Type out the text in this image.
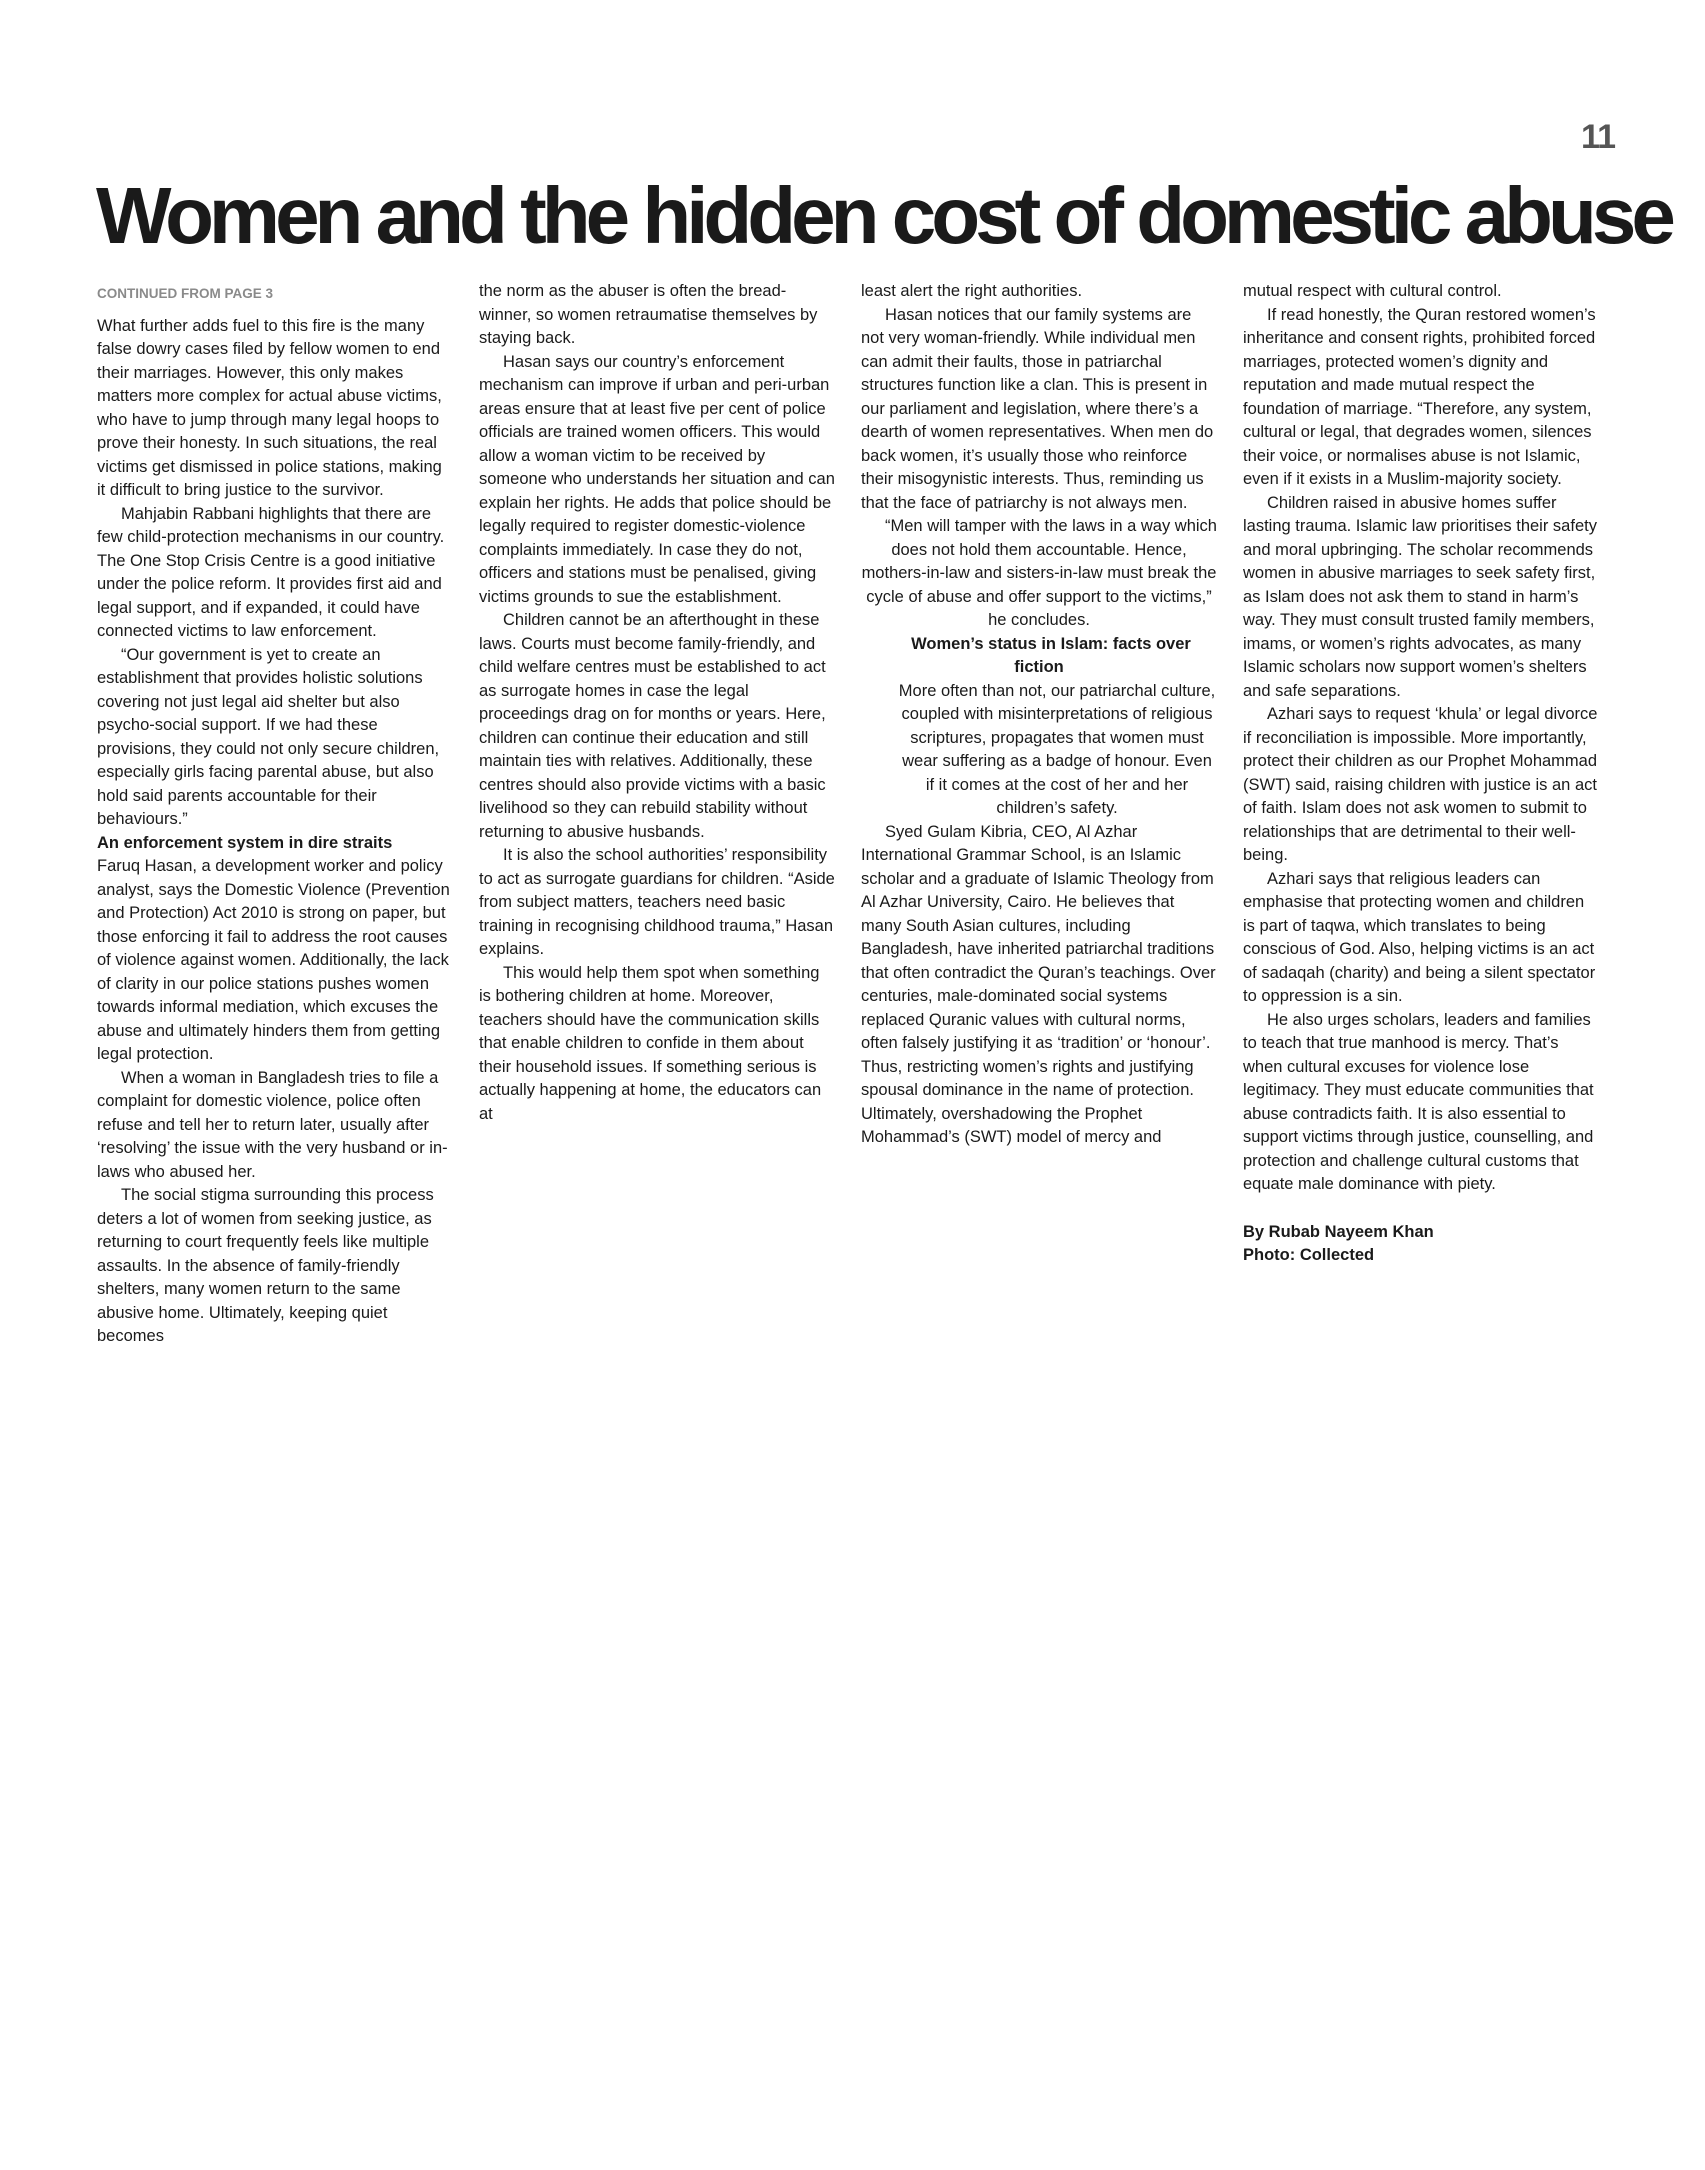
11
Women and the hidden cost of domestic abuse
CONTINUED FROM PAGE 3

What further adds fuel to this fire is the many false dowry cases filed by fellow women to end their marriages. However, this only makes matters more complex for actual abuse victims, who have to jump through many legal hoops to prove their honesty. In such situations, the real victims get dismissed in police stations, making it difficult to bring justice to the survivor.

Mahjabin Rabbani highlights that there are few child-protection mechanisms in our country. The One Stop Crisis Centre is a good initiative under the police reform. It provides first aid and legal support, and if expanded, it could have connected victims to law enforcement.

“Our government is yet to create an establishment that provides holistic solutions covering not just legal aid shelter but also psycho-social support. If we had these provisions, they could not only secure children, especially girls facing parental abuse, but also hold said parents accountable for their behaviours.”

An enforcement system in dire straits

Faruq Hasan, a development worker and policy analyst, says the Domestic Violence (Prevention and Protection) Act 2010 is strong on paper, but those enforcing it fail to address the root causes of violence against women. Additionally, the lack of clarity in our police stations pushes women towards informal mediation, which excuses the abuse and ultimately hinders them from getting legal protection.

When a woman in Bangladesh tries to file a complaint for domestic violence, police often refuse and tell her to return later, usually after ‘resolving’ the issue with the very husband or in-laws who abused her.

The social stigma surrounding this process deters a lot of women from seeking justice, as returning to court frequently feels like multiple assaults. In the absence of family-friendly shelters, many women return to the same abusive home. Ultimately, keeping quiet becomes

the norm as the abuser is often the bread-winner, so women retraumatise themselves by staying back.

Hasan says our country’s enforcement mechanism can improve if urban and peri-urban areas ensure that at least five per cent of police officials are trained women officers. This would allow a woman victim to be received by someone who understands her situation and can explain her rights. He adds that police should be legally required to register domestic-violence complaints immediately. In case they do not, officers and stations must be penalised, giving victims grounds to sue the establishment.

Children cannot be an afterthought in these laws. Courts must become family-friendly, and child welfare centres must be established to act as surrogate homes in case the legal proceedings drag on for months or years. Here, children can continue their education and still maintain ties with relatives. Additionally, these centres should also provide victims with a basic livelihood so they can rebuild stability without returning to abusive husbands.

It is also the school authorities’ responsibility to act as surrogate guardians for children. “Aside from subject matters, teachers need basic training in recognising childhood trauma,” Hasan explains.

This would help them spot when something is bothering children at home. Moreover, teachers should have the communication skills that enable children to confide in them about their household issues. If something serious is actually happening at home, the educators can at

least alert the right authorities.

Hasan notices that our family systems are not very woman-friendly. While individual men can admit their faults, those in patriarchal structures function like a clan. This is present in our parliament and legislation, where there’s a dearth of women representatives. When men do back women, it’s usually those who reinforce their misogynistic interests. Thus, reminding us that the face of patriarchy is not always men.

“Men will tamper with the laws in a way which does not hold them accountable. Hence, mothers-in-law and sisters-in-law must break the cycle of abuse and offer support to the victims,” he concludes.

Women’s status in Islam: facts over fiction

More often than not, our patriarchal culture, coupled with misinterpretations of religious scriptures, propagates that women must wear suffering as a badge of honour. Even if it comes at the cost of her and her children’s safety.

Syed Gulam Kibria, CEO, Al Azhar International Grammar School, is an Islamic scholar and a graduate of Islamic Theology from Al Azhar University, Cairo. He believes that many South Asian cultures, including Bangladesh, have inherited patriarchal traditions that often contradict the Quran’s teachings. Over centuries, male-dominated social systems replaced Quranic values with cultural norms, often falsely justifying it as ‘tradition’ or ‘honour’. Thus, restricting women’s rights and justifying spousal dominance in the name of protection. Ultimately, overshadowing the Prophet Mohammad’s (SWT) model of mercy and

mutual respect with cultural control.

If read honestly, the Quran restored women’s inheritance and consent rights, prohibited forced marriages, protected women’s dignity and reputation and made mutual respect the foundation of marriage. “Therefore, any system, cultural or legal, that degrades women, silences their voice, or normalises abuse is not Islamic, even if it exists in a Muslim-majority society.

Children raised in abusive homes suffer lasting trauma. Islamic law prioritises their safety and moral upbringing. The scholar recommends women in abusive marriages to seek safety first, as Islam does not ask them to stand in harm’s way. They must consult trusted family members, imams, or women’s rights advocates, as many Islamic scholars now support women’s shelters and safe separations.

Azhari says to request ‘khula’ or legal divorce if reconciliation is impossible. More importantly, protect their children as our Prophet Mohammad (SWT) said, raising children with justice is an act of faith. Islam does not ask women to submit to relationships that are detrimental to their well-being.

Azhari says that religious leaders can emphasise that protecting women and children is part of taqwa, which translates to being conscious of God. Also, helping victims is an act of sadaqah (charity) and being a silent spectator to oppression is a sin.

He also urges scholars, leaders and families to teach that true manhood is mercy. That’s when cultural excuses for violence lose legitimacy. They must educate communities that abuse contradicts faith. It is also essential to support victims through justice, counselling, and protection and challenge cultural customs that equate male dominance with piety.

By Rubab Nayeem Khan
Photo: Collected
